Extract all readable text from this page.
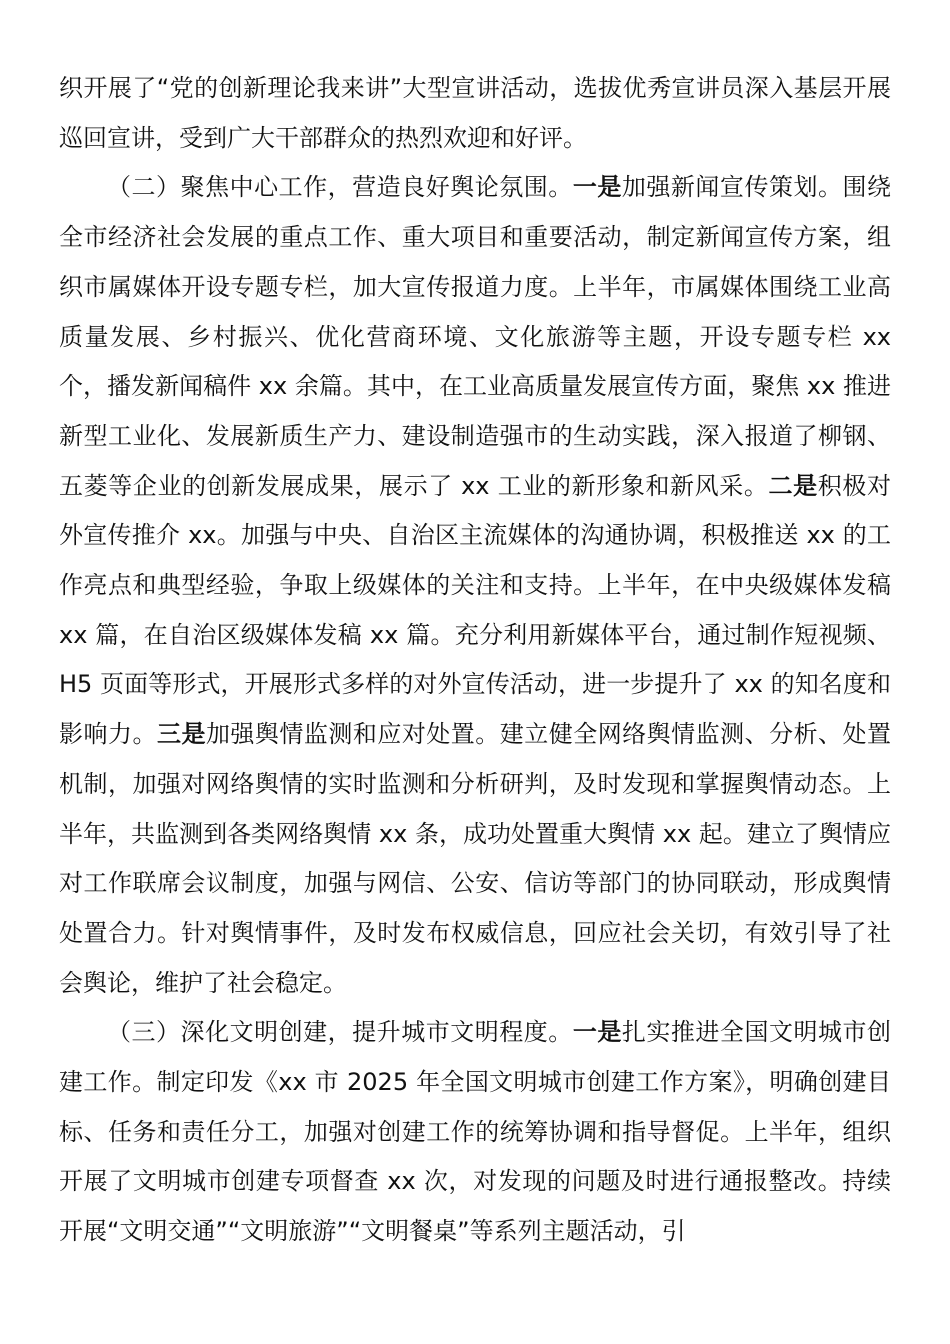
织开展了“党的创新理论我来讲”大型宣讲活动，选拔优秀宣讲员深入基层开展巡回宣讲，受到广大干部群众的热烈欢迎和好评。

（二）聚焦中心工作，营造良好舆论氛围。一是加强新闻宣传策划。围绕全市经济社会发展的重点工作、重大项目和重要活动，制定新闻宣传方案，组织市属媒体开设专题专栏，加大宣传报道力度。上半年，市属媒体围绕工业高质量发展、乡村振兴、优化营商环境、文化旅游等主题，开设专题专栏 xx 个，播发新闻稿件 xx 余篇。其中，在工业高质量发展宣传方面，聚焦 xx 推进新型工业化、发展新质生产力、建设制造强市的生动实践，深入报道了柳钢、五菱等企业的创新发展成果，展示了 xx 工业的新形象和新风采。二是积极对外宣传推介 xx。加强与中央、自治区主流媒体的沟通协调，积极推送 xx 的工作亮点和典型经验，争取上级媒体的关注和支持。上半年，在中央级媒体发稿 xx 篇，在自治区级媒体发稿 xx 篇。充分利用新媒体平台，通过制作短视频、H5 页面等形式，开展形式多样的对外宣传活动，进一步提升了 xx 的知名度和影响力。三是加强舆情监测和应对处置。建立健全网络舆情监测、分析、处置机制，加强对网络舆情的实时监测和分析研判，及时发现和掌握舆情动态。上半年，共监测到各类网络舆情 xx 条，成功处置重大舆情 xx 起。建立了舆情应对工作联席会议制度，加强与网信、公安、信访等部门的协同联动，形成舆情处置合力。针对舆情事件，及时发布权威信息，回应社会关切，有效引导了社会舆论，维护了社会稳定。

（三）深化文明创建，提升城市文明程度。一是扎实推进全国文明城市创建工作。制定印发《xx 市 2025 年全国文明城市创建工作方案》，明确创建目标、任务和责任分工，加强对创建工作的统筹协调和指导督促。上半年，组织开展了文明城市创建专项督查 xx 次，对发现的问题及时进行通报整改。持续开展“文明交通”“文明旅游”“文明餐桌”等系列主题活动，引
